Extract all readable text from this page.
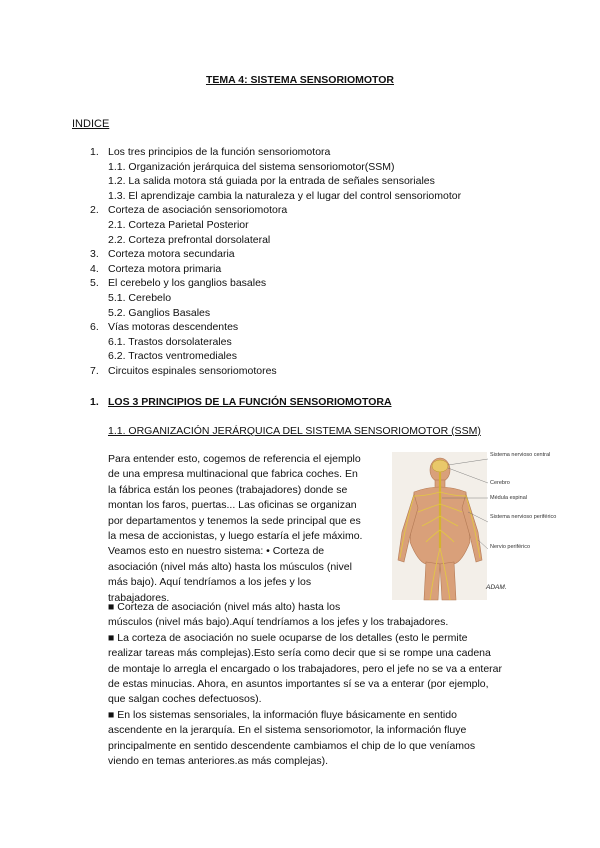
TEMA 4: SISTEMA SENSORIOMOTOR
INDICE
1. Los tres principios de la función sensoriomotora
1.1. Organización jerárquica del sistema sensoriomotor(SSM)
1.2. La salida motora stá guiada por la entrada de señales sensoriales
1.3. El aprendizaje cambia la naturaleza y el lugar del control sensoriomotor
2. Corteza de asociación sensoriomotora
2.1. Corteza Parietal Posterior
2.2. Corteza prefrontal dorsolateral
3. Corteza motora secundaria
4. Corteza motora primaria
5. El cerebelo y los ganglios basales
5.1. Cerebelo
5.2. Ganglios Basales
6. Vías motoras descendentes
6.1. Trastos dorsolaterales
6.2. Tractos ventromediales
7. Circuitos espinales sensoriomotores
1. LOS 3 PRINCIPIOS DE LA FUNCIÓN SENSORIOMOTORA
1.1. ORGANIZACIÓN JERÁRQUICA DEL SISTEMA SENSORIOMOTOR (SSM)
Para entender esto, cogemos de referencia el ejemplo
de una empresa multinacional que fabrica coches. En
la fábrica están los peones (trabajadores) donde se
montan los faros, puertas... Las oficinas se organizan
por departamentos y tenemos la sede principal que es
la mesa de accionistas, y luego estaría el jefe máximo.
Veamos esto en nuestro sistema: • Corteza de
asociación (nivel más alto) hasta los músculos (nivel
más bajo). Aquí tendríamos a los jefes y los
trabajadores.
■ Corteza de asociación (nivel más alto) hasta los
músculos (nivel más bajo).Aquí tendríamos a los jefes y los trabajadores.
■ La corteza de asociación no suele ocuparse de los detalles (esto le permite
realizar tareas más complejas).Esto sería como decir que si se rompe una cadena
de montaje lo arregla el encargado o los trabajadores, pero el jefe no se va a enterar
de estas minucias. Ahora, en asuntos importantes sí se va a enterar (por ejemplo,
que salgan coches defectuosos).
■ En los sistemas sensoriales, la información fluye básicamente en sentido
ascendente en la jerarquía. En el sistema sensoriomotor, la información fluye
principalmente en sentido descendente cambiamos el chip de lo que veníamos
viendo en temas anteriores.as más complejas).
Sistema nervioso central
Cerebro
Médula espinal
Sistema nervioso periférico
Nervio periférico
ADAM.
